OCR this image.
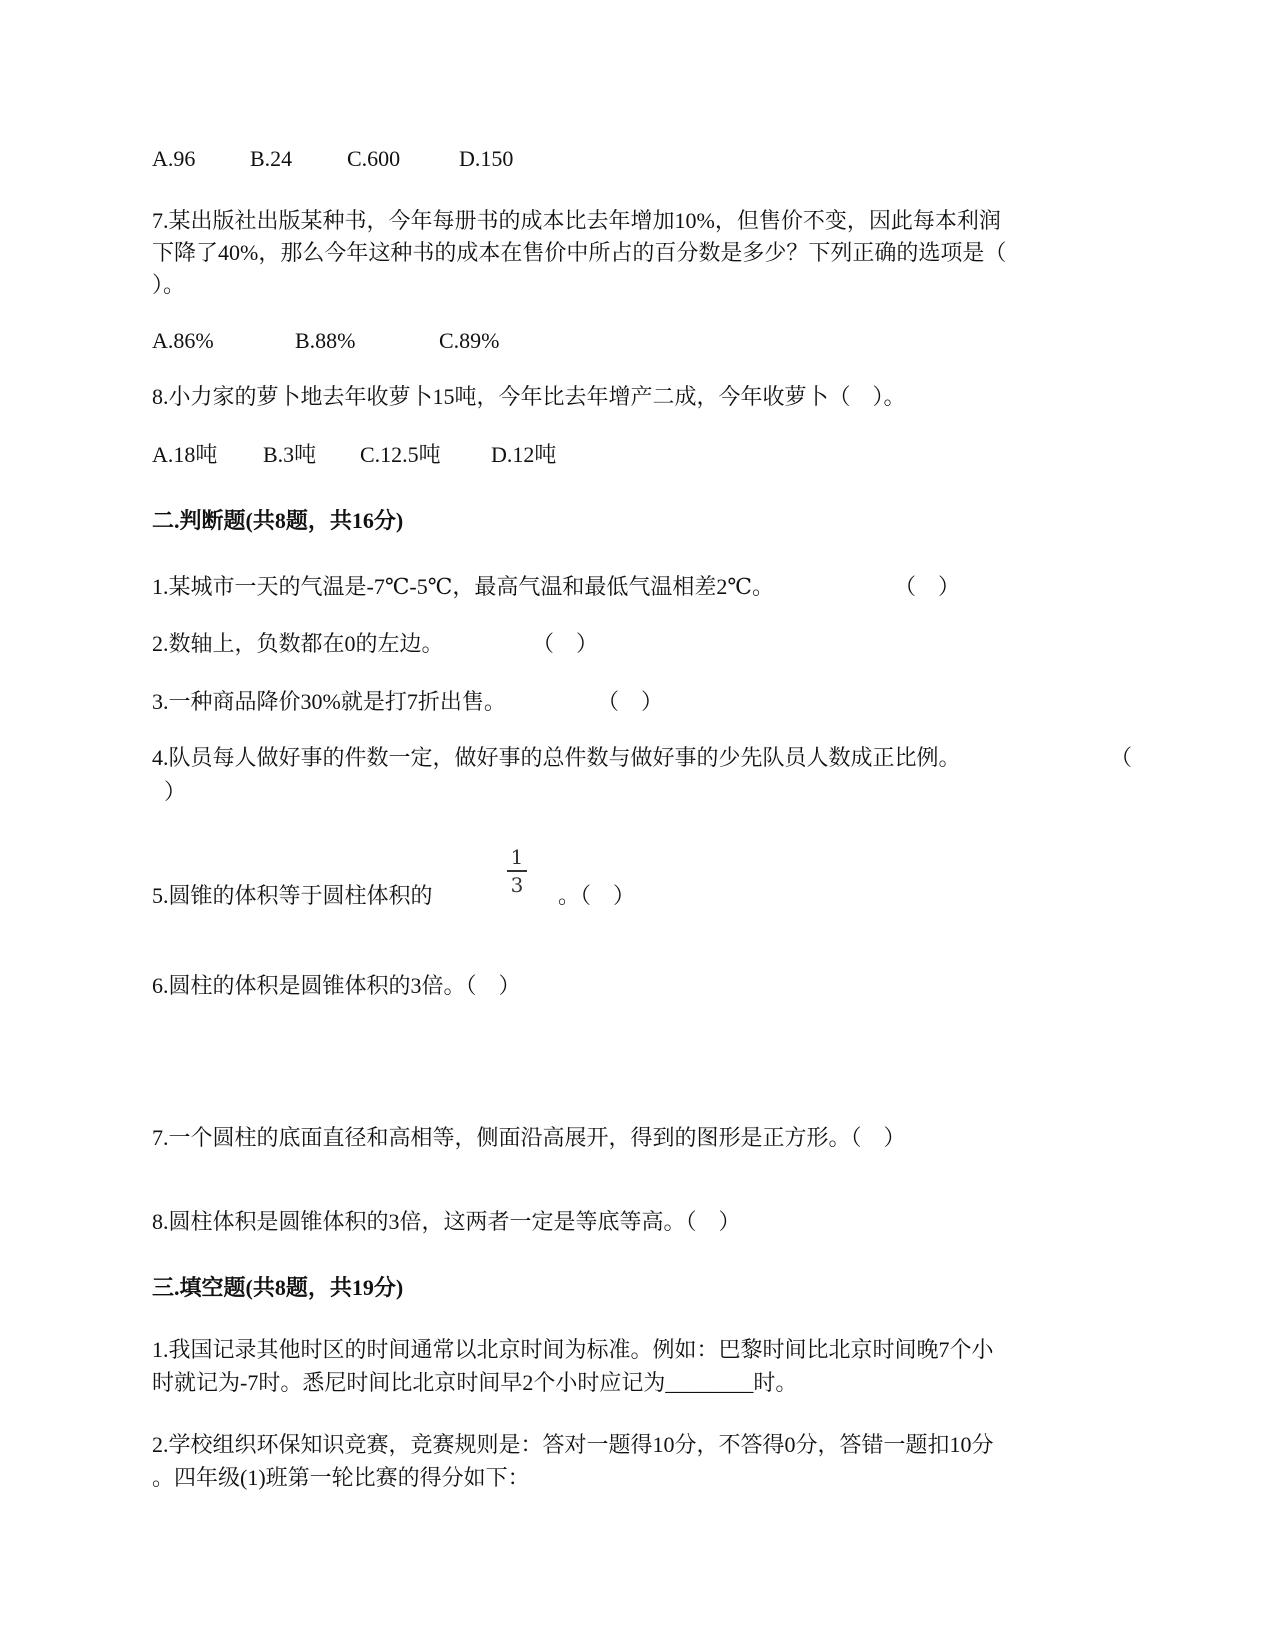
A.96 B.24 C.600	D.150
7.某出版社出版某种书，今年每册书的成本比去年增加10%，但售价不变，因此每本利润
下降了40%，那么今年这种书的成本在售价中所占的百分数是多少？下列正确的选项是（
）。
A.86%	B.88%	C.89%
8.小力家的萝卜地去年收萝卜15吨，今年比去年增产二成，今年收萝卜（    ）。
A.18吨 B.3吨 C.12.5吨 D.12吨
二.判断题(共8题，共16分)
1.某城市一天的气温是-7℃-5℃，最高气温和最低气温相差2℃。	（    ）
2.数轴上，负数都在0的左边。	（    ）
3.一种商品降价30%就是打7折出售。	（    ）
4.队员每人做好事的件数一定，做好事的总件数与做好事的少先队员人数成正比例。	（
）
5.圆锥的体积等于圆柱体积的
1
3 。（    ）
6.圆柱的体积是圆锥体积的3倍。（    ）
7.一个圆柱的底面直径和高相等，侧面沿高展开，得到的图形是正方形。（    ）
8.圆柱体积是圆锥体积的3倍，这两者一定是等底等高。（    ）
三.填空题(共8题，共19分)
1.我国记录其他时区的时间通常以北京时间为标准。例如：巴黎时间比北京时间晚7个小
时就记为-7时。悉尼时间比北京时间早2个小时应记为________时。
2.学校组织环保知识竞赛，竞赛规则是：答对一题得10分，不答得0分，答错一题扣10分
。四年级(1)班第一轮比赛的得分如下：
